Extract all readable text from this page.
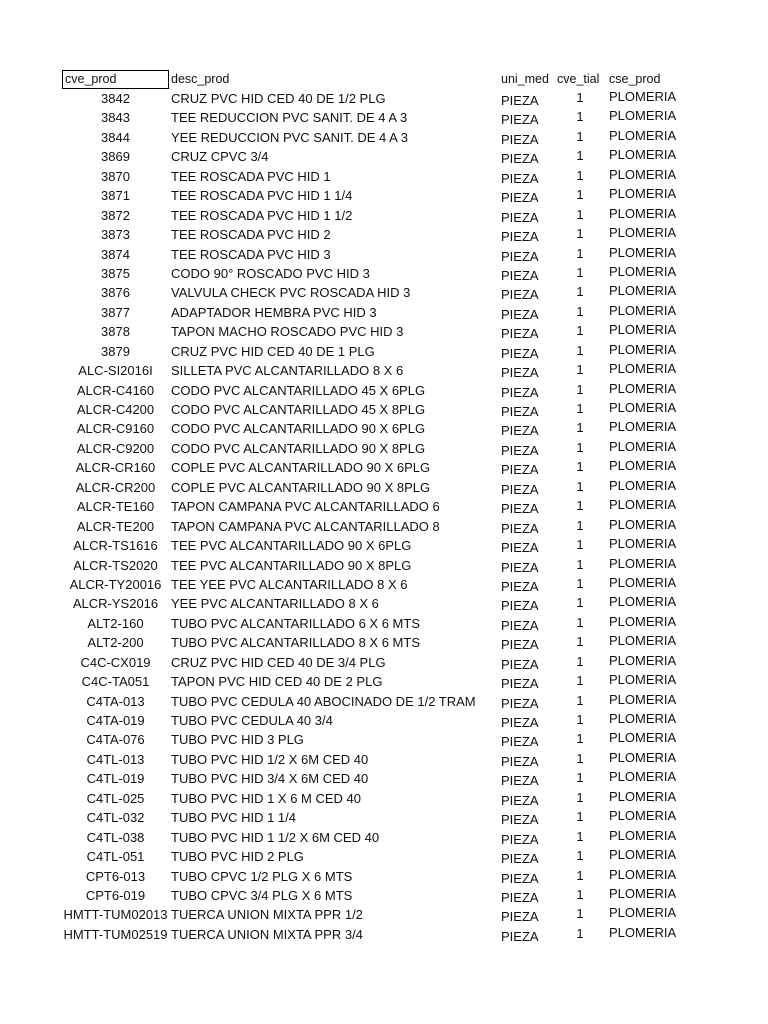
cve_prod	desc_prod	uni_med cve_tial cse_prod
3842	CRUZ PVC HID CED 40 DE 1/2 PLG	PIEZA	1	PLOMERIA
3843	TEE REDUCCION PVC SANIT. DE 4 A 3	PIEZA	1	PLOMERIA
3844	YEE REDUCCION PVC SANIT. DE 4 A 3	PIEZA	1	PLOMERIA
3869	CRUZ CPVC 3/4	PIEZA	1	PLOMERIA
3870	TEE ROSCADA PVC HID 1	PIEZA	1	PLOMERIA
3871	TEE ROSCADA PVC HID 1 1/4	PIEZA	1	PLOMERIA
3872	TEE ROSCADA PVC HID 1 1/2	PIEZA	1	PLOMERIA
3873	TEE ROSCADA PVC HID 2	PIEZA	1	PLOMERIA
3874	TEE ROSCADA PVC HID 3	PIEZA	1	PLOMERIA
3875	CODO 90° ROSCADO PVC HID 3	PIEZA	1	PLOMERIA
3876	VALVULA CHECK PVC ROSCADA HID 3	PIEZA	1	PLOMERIA
3877	ADAPTADOR HEMBRA PVC HID 3	PIEZA	1	PLOMERIA
3878	TAPON MACHO ROSCADO PVC HID 3	PIEZA	1	PLOMERIA
3879	CRUZ PVC HID CED 40 DE 1 PLG	PIEZA	1	PLOMERIA
ALC-SI2016I	SILLETA PVC ALCANTARILLADO 8 X 6	PIEZA	1	PLOMERIA
ALCR-C4160	CODO PVC ALCANTARILLADO 45 X 6PLG	PIEZA	1	PLOMERIA
ALCR-C4200	CODO PVC ALCANTARILLADO 45 X 8PLG	PIEZA	1	PLOMERIA
ALCR-C9160	CODO PVC ALCANTARILLADO 90 X 6PLG	PIEZA	1	PLOMERIA
ALCR-C9200	CODO PVC ALCANTARILLADO 90 X 8PLG	PIEZA	1	PLOMERIA
ALCR-CR160	COPLE PVC ALCANTARILLADO 90 X 6PLG	PIEZA	1	PLOMERIA
ALCR-CR200	COPLE PVC ALCANTARILLADO 90 X 8PLG	PIEZA	1	PLOMERIA
ALCR-TE160	TAPON CAMPANA PVC ALCANTARILLADO 6	PIEZA	1	PLOMERIA
ALCR-TE200	TAPON CAMPANA PVC ALCANTARILLADO 8	PIEZA	1	PLOMERIA
ALCR-TS1616	TEE PVC ALCANTARILLADO 90 X 6PLG	PIEZA	1	PLOMERIA
ALCR-TS2020	TEE PVC ALCANTARILLADO 90 X 8PLG	PIEZA	1	PLOMERIA
ALCR-TY20016 TEE YEE PVC ALCANTARILLADO 8 X 6	PIEZA	1	PLOMERIA
ALCR-YS2016 YEE PVC ALCANTARILLADO 8 X 6	PIEZA	1	PLOMERIA
ALT2-160	TUBO PVC ALCANTARILLADO 6 X 6 MTS	PIEZA	1	PLOMERIA
ALT2-200	TUBO PVC ALCANTARILLADO 8 X 6 MTS	PIEZA	1	PLOMERIA
C4C-CX019	CRUZ PVC HID CED 40 DE 3/4 PLG	PIEZA	1	PLOMERIA
C4C-TA051	TAPON PVC HID CED 40 DE 2 PLG	PIEZA	1	PLOMERIA
C4TA-013	TUBO PVC CEDULA 40 ABOCINADO DE 1/2 TRAM PIEZA	1	PLOMERIA
C4TA-019	TUBO PVC CEDULA 40 3/4	PIEZA	1	PLOMERIA
C4TA-076	TUBO PVC HID 3 PLG	PIEZA	1	PLOMERIA
C4TL-013	TUBO PVC HID 1/2 X 6M CED 40	PIEZA	1	PLOMERIA
C4TL-019	TUBO PVC HID 3/4 X 6M CED 40	PIEZA	1	PLOMERIA
C4TL-025	TUBO PVC HID 1 X 6 M CED 40	PIEZA	1	PLOMERIA
C4TL-032	TUBO PVC HID 1 1/4	PIEZA	1	PLOMERIA
C4TL-038	TUBO PVC HID 1 1/2 X 6M CED 40	PIEZA	1	PLOMERIA
C4TL-051	TUBO PVC HID 2 PLG	PIEZA	1	PLOMERIA
CPT6-013	TUBO CPVC 1/2 PLG X 6 MTS	PIEZA	1	PLOMERIA
CPT6-019	TUBO CPVC 3/4 PLG X 6 MTS	PIEZA	1	PLOMERIA
HMTT-TUM02013 TUERCA UNION MIXTA PPR 1/2	PIEZA	1	PLOMERIA
HMTT-TUM02519 TUERCA UNION MIXTA PPR 3/4	PIEZA	1	PLOMERIA
